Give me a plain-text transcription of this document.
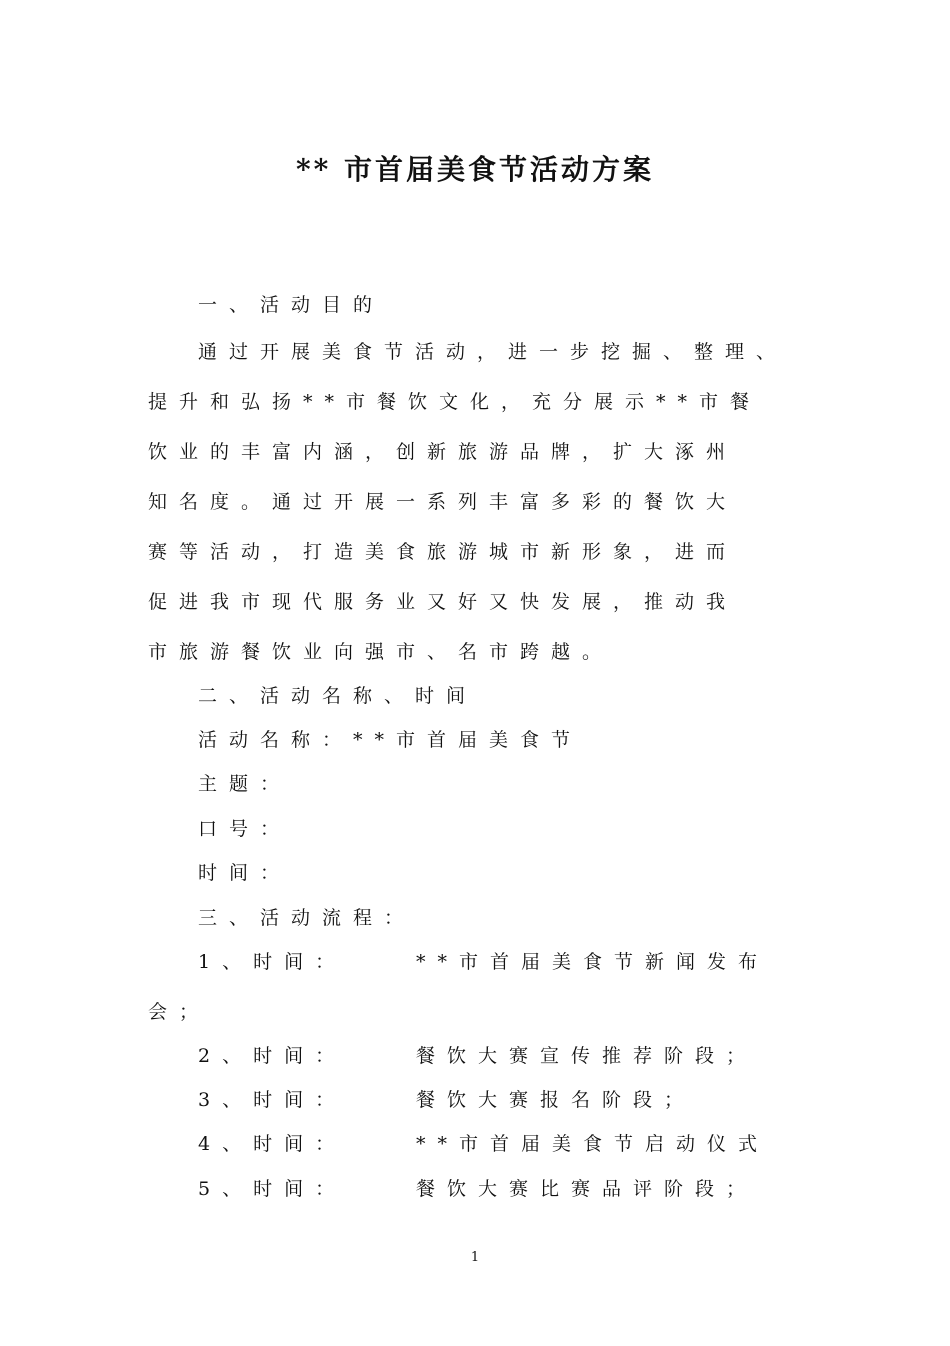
** 市首届美食节活动方案
一、活动目的
通过开展美食节活动，进一步挖掘、整理、
提升和弘扬**市餐饮文化，充分展示**市餐
饮业的丰富内涵，创新旅游品牌，扩大涿州
知名度。通过开展一系列丰富多彩的餐饮大
赛等活动，打造美食旅游城市新形象，进而
促进我市现代服务业又好又快发展，推动我
市旅游餐饮业向强市、名市跨越。
二、活动名称、时间
活动名称：**市首届美食节
主题：
口号：
时间：
三、活动流程：
1、时间：	**市首届美食节新闻发布
会；
2、时间：	餐饮大赛宣传推荐阶段；
3、时间：	餐饮大赛报名阶段；
4、时间：	**市首届美食节启动仪式
5、时间：	餐饮大赛比赛品评阶段；
1
